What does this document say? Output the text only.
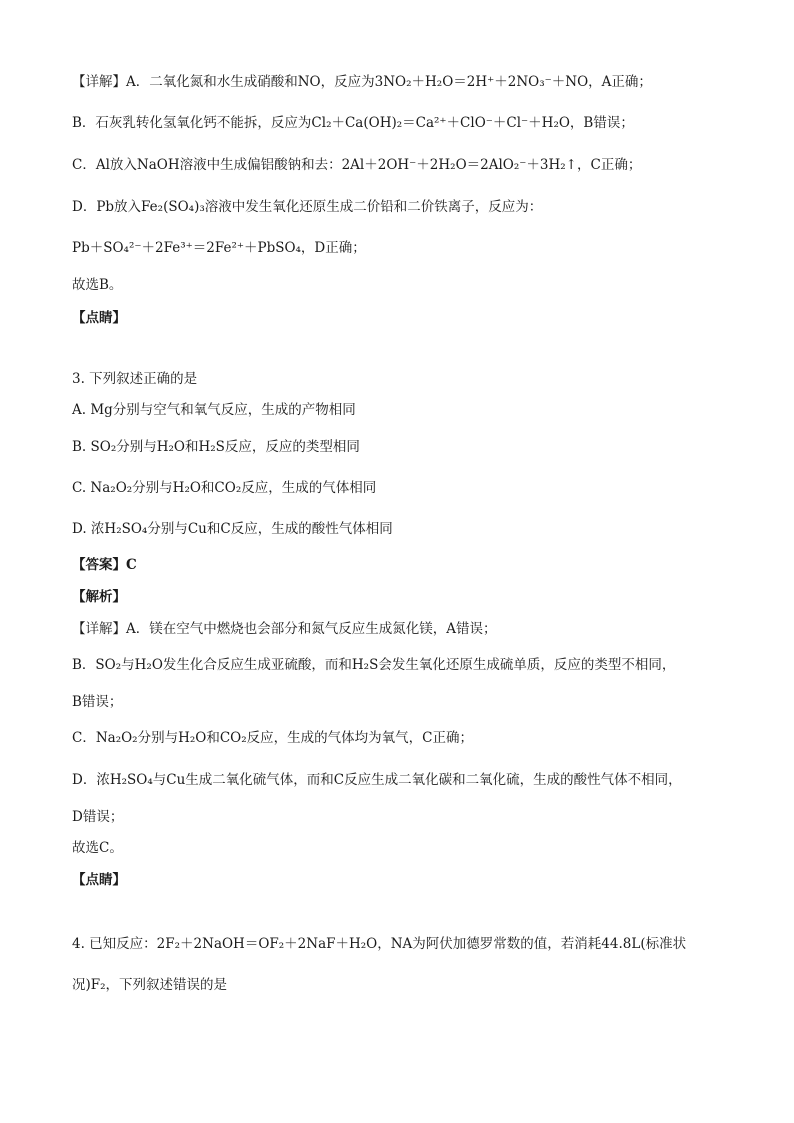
【详解】A．二氧化氮和水生成硝酸和NO，反应为3NO₂＋H₂O＝2H⁺＋2NO₃⁻＋NO，A正确；
B．石灰乳转化氢氧化钙不能拆，反应为Cl₂＋Ca(OH)₂＝Ca²⁺＋ClO⁻＋Cl⁻＋H₂O，B错误；
C．Al放入NaOH溶液中生成偏铝酸钠和去：2Al＋2OH⁻＋2H₂O＝2AlO₂⁻＋3H₂↑，C正确；
D．Pb放入Fe₂(SO₄)₃溶液中发生氧化还原生成二价铅和二价铁离子，反应为：
Pb＋SO₄²⁻＋2Fe³⁺＝2Fe²⁺＋PbSO₄，D正确；
故选B。
【点睛】
3. 下列叙述正确的是
A. Mg分别与空气和氧气反应，生成的产物相同
B. SO₂分别与H₂O和H₂S反应，反应的类型相同
C. Na₂O₂分别与H₂O和CO₂反应，生成的气体相同
D. 浓H₂SO₄分别与Cu和C反应，生成的酸性气体相同
【答案】C
【解析】
【详解】A．镁在空气中燃烧也会部分和氮气反应生成氮化镁，A错误；
B．SO₂与H₂O发生化合反应生成亚硫酸，而和H₂S会发生氧化还原生成硫单质，反应的类型不相同，
B错误；
C．Na₂O₂分别与H₂O和CO₂反应，生成的气体均为氧气，C正确；
D．浓H₂SO₄与Cu生成二氧化硫气体，而和C反应生成二氧化碳和二氧化硫，生成的酸性气体不相同，
D错误；
故选C。
【点睛】
4. 已知反应：2F₂＋2NaOH＝OF₂＋2NaF＋H₂O，NA为阿伏加德罗常数的值，若消耗44.8L(标准状
况)F₂，下列叙述错误的是
